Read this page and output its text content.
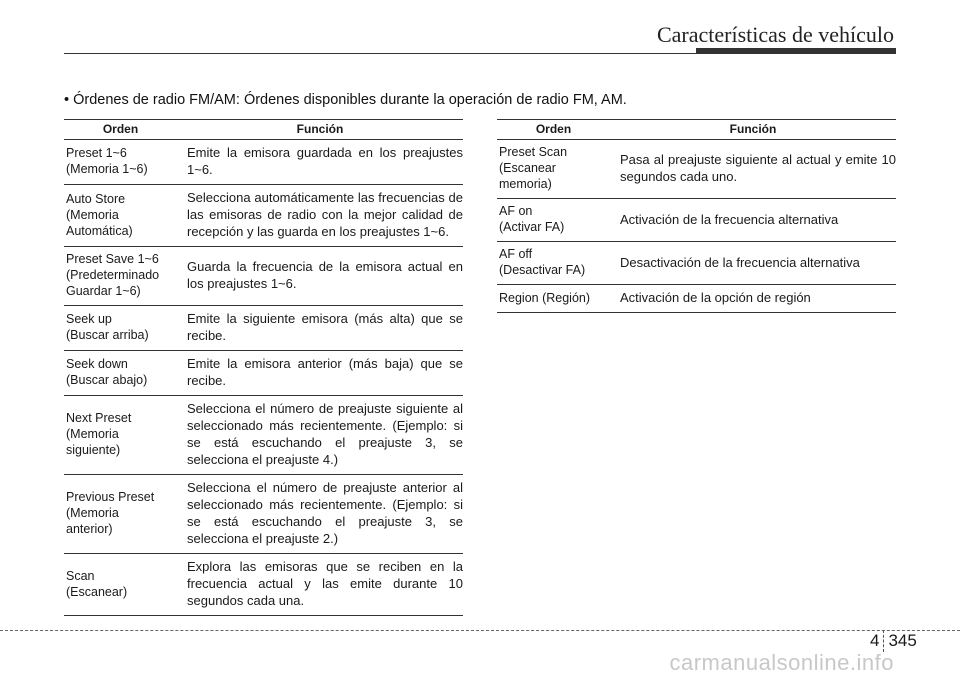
Características de vehículo
• Órdenes de radio FM/AM: Órdenes disponibles durante la operación de radio FM, AM.
Orden	Función
Preset 1~6
(Memoria 1~6)	Emite la emisora guardada en los preajustes 1~6.
Auto Store
(Memoria
Automática)	Selecciona automáticamente las frecuencias de las emisoras de radio con la mejor calidad de recepción y las guarda en los preajustes 1~6.
Preset Save 1~6
(Predeterminado
Guardar 1~6)	Guarda la frecuencia de la emisora actual en los preajustes 1~6.
Seek up
(Buscar arriba)	Emite la siguiente emisora (más alta) que se recibe.
Seek down
(Buscar abajo)	Emite la emisora anterior (más baja) que se recibe.
Next Preset
(Memoria
siguiente)	Selecciona el número de preajuste siguiente al seleccionado más recientemente. (Ejemplo: si se está escuchando el preajuste 3, se selecciona el preajuste 4.)
Previous Preset
(Memoria
anterior)	Selecciona el número de preajuste anterior al seleccionado más recientemente. (Ejemplo: si se está escuchando el preajuste 3, se selecciona el preajuste 2.)
Scan
(Escanear)	Explora las emisoras que se reciben en la frecuencia actual y las emite durante 10 segundos cada una.
Orden	Función
Preset Scan
(Escanear
memoria)	Pasa al preajuste siguiente al actual y emite 10 segundos cada uno.
AF on
(Activar FA)	Activación de la frecuencia alternativa
AF off
(Desactivar FA)	Desactivación de la frecuencia alternativa
Region (Región)	Activación de la opción de región
4 345
carmanualsonline.info
